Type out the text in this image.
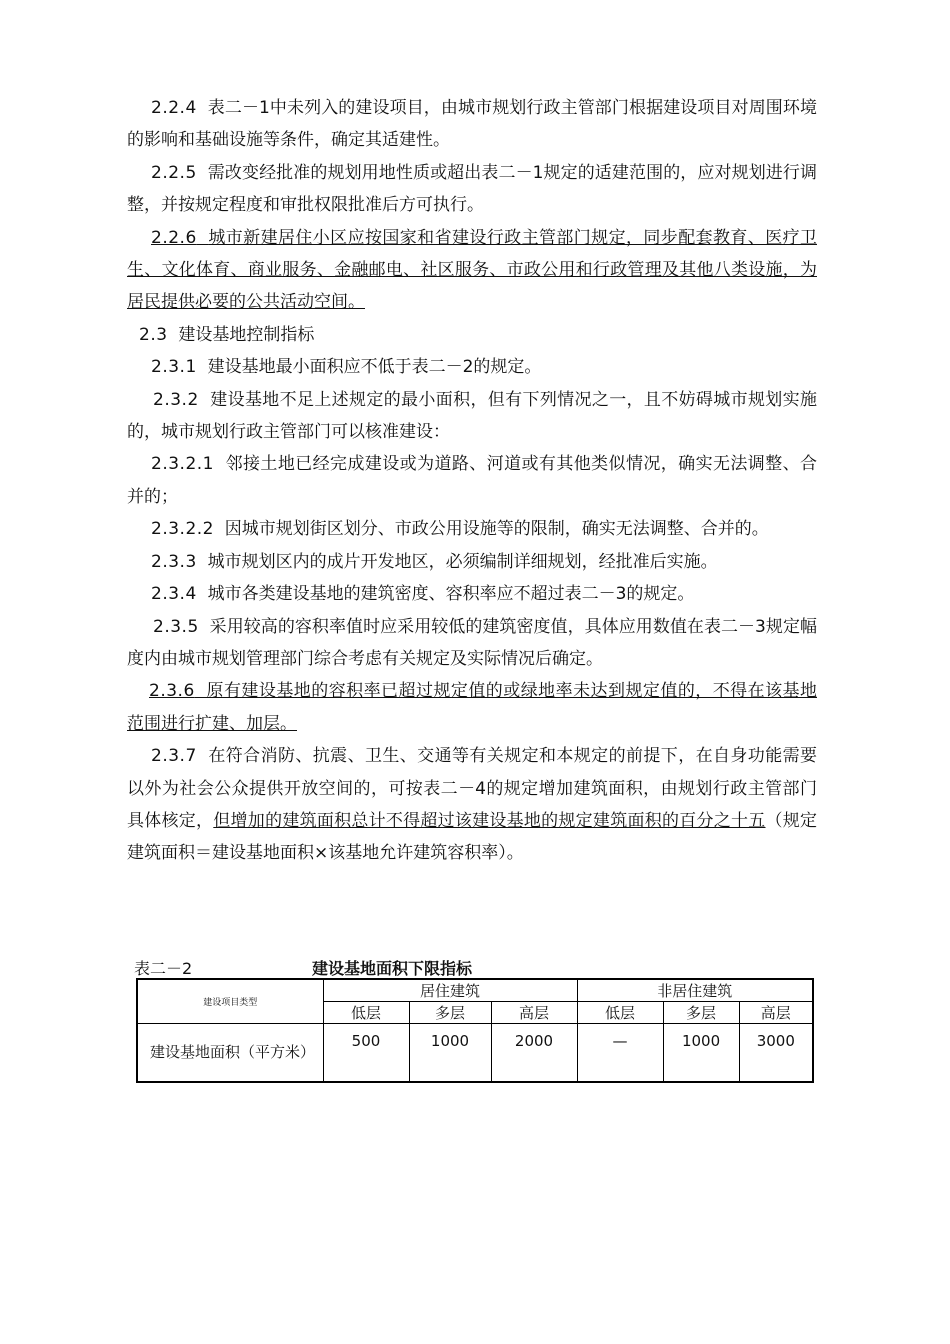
2.2.4 表二－1中未列入的建设项目，由城市规划行政主管部门根据建设项目对周围环境的影响和基础设施等条件，确定其适建性。

2.2.5 需改变经批准的规划用地性质或超出表二－1规定的适建范围的，应对规划进行调整，并按规定程度和审批权限批准后方可执行。

2.2.6 城市新建居住小区应按国家和省建设行政主管部门规定，同步配套教育、医疗卫生、文化体育、商业服务、金融邮电、社区服务、市政公用和行政管理及其他八类设施，为居民提供必要的公共活动空间。

2.3 建设基地控制指标

2.3.1 建设基地最小面积应不低于表二－2的规定。

2.3.2 建设基地不足上述规定的最小面积，但有下列情况之一，且不妨碍城市规划实施的，城市规划行政主管部门可以核准建设：

2.3.2.1 邻接土地已经完成建设或为道路、河道或有其他类似情况，确实无法调整、合并的；

2.3.2.2 因城市规划街区划分、市政公用设施等的限制，确实无法调整、合并的。

2.3.3 城市规划区内的成片开发地区，必须编制详细规划，经批准后实施。

2.3.4 城市各类建设基地的建筑密度、容积率应不超过表二－3的规定。

2.3.5 采用较高的容积率值时应采用较低的建筑密度值，具体应用数值在表二－3规定幅度内由城市规划管理部门综合考虑有关规定及实际情况后确定。

2.3.6 原有建设基地的容积率已超过规定值的或绿地率未达到规定值的，不得在该基地范围进行扩建、加层。

2.3.7 在符合消防、抗震、卫生、交通等有关规定和本规定的前提下，在自身功能需要以外为社会公众提供开放空间的，可按表二－4的规定增加建筑面积，由规划行政主管部门具体核定，但增加的建筑面积总计不得超过该建设基地的规定建筑面积的百分之十五（规定建筑面积＝建设基地面积×该基地允许建筑容积率）。

表二－2	建设基地面积下限指标
建设项目类型	居住建筑			非居住建筑		
	低层	多层	高层	低层	多层	高层
建设基地面积（平方米）	500	1000	2000	—	1000	3000
